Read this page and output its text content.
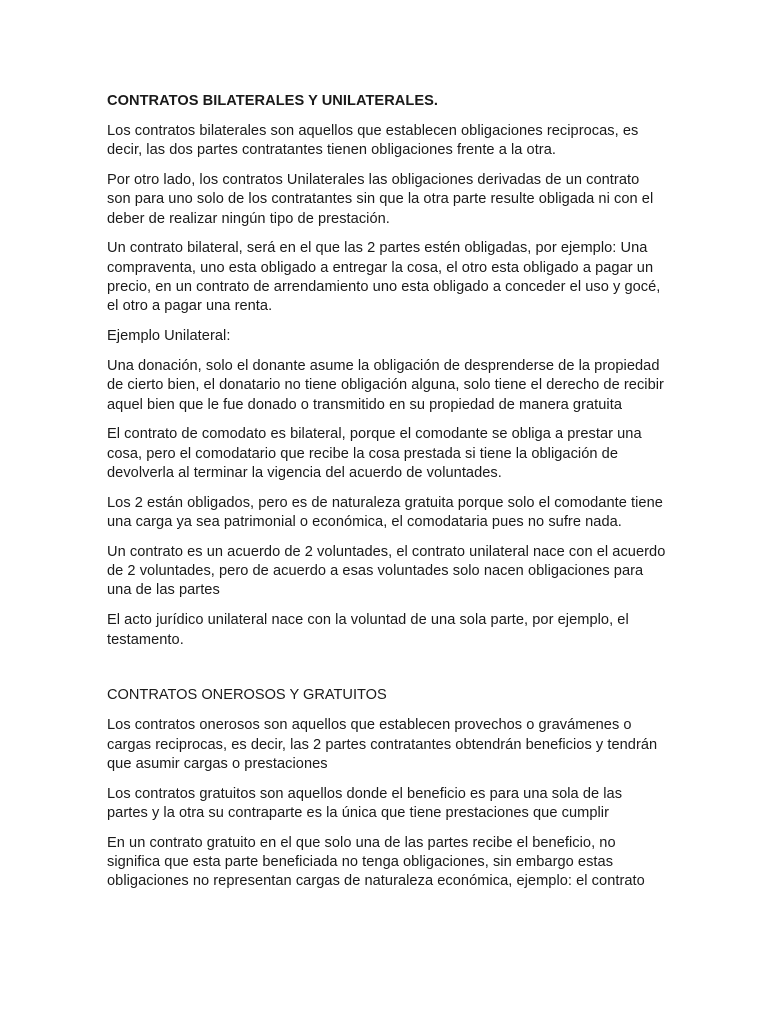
CONTRATOS BILATERALES Y UNILATERALES.

Los contratos bilaterales son aquellos que establecen obligaciones reciprocas, es decir, las dos partes contratantes tienen obligaciones frente a la otra.

Por otro lado, los contratos Unilaterales las obligaciones derivadas de un contrato son para uno solo de los contratantes sin que la otra parte resulte obligada ni con el deber de realizar ningún tipo de prestación.

Un contrato bilateral, será en el que las 2 partes estén obligadas, por ejemplo: Una compraventa, uno esta obligado a entregar la cosa, el otro esta obligado a pagar un precio, en un contrato de arrendamiento uno esta obligado a conceder el uso y gocé, el otro a pagar una renta.

Ejemplo Unilateral:

Una donación, solo el donante asume la obligación de desprenderse de la propiedad de cierto bien, el donatario no tiene obligación alguna, solo tiene el derecho de recibir aquel bien que le fue donado o transmitido en su propiedad de manera gratuita

El contrato de comodato es bilateral, porque el comodante se obliga a prestar una cosa, pero el comodatario que recibe la cosa prestada si tiene la obligación de devolverla al terminar la vigencia del acuerdo de voluntades.

Los 2 están obligados, pero es de naturaleza gratuita porque solo el comodante tiene una carga ya sea patrimonial o económica, el comodataria pues no sufre nada.

Un contrato es un acuerdo de 2 voluntades, el contrato unilateral nace con el acuerdo de 2 voluntades, pero de acuerdo a esas voluntades solo nacen obligaciones para una de las partes

El acto jurídico unilateral nace con la voluntad de una sola parte, por ejemplo, el testamento.

CONTRATOS ONEROSOS Y GRATUITOS

Los contratos onerosos son aquellos que establecen provechos o gravámenes o cargas reciprocas, es decir, las 2 partes contratantes obtendrán beneficios y tendrán que asumir cargas o prestaciones

Los contratos gratuitos son aquellos donde el beneficio es para una sola de las partes y la otra su contraparte es la única que tiene prestaciones que cumplir

En un contrato gratuito en el que solo una de las partes recibe el beneficio, no significa que esta parte beneficiada no tenga obligaciones, sin embargo estas obligaciones no representan cargas de naturaleza económica, ejemplo: el contrato
